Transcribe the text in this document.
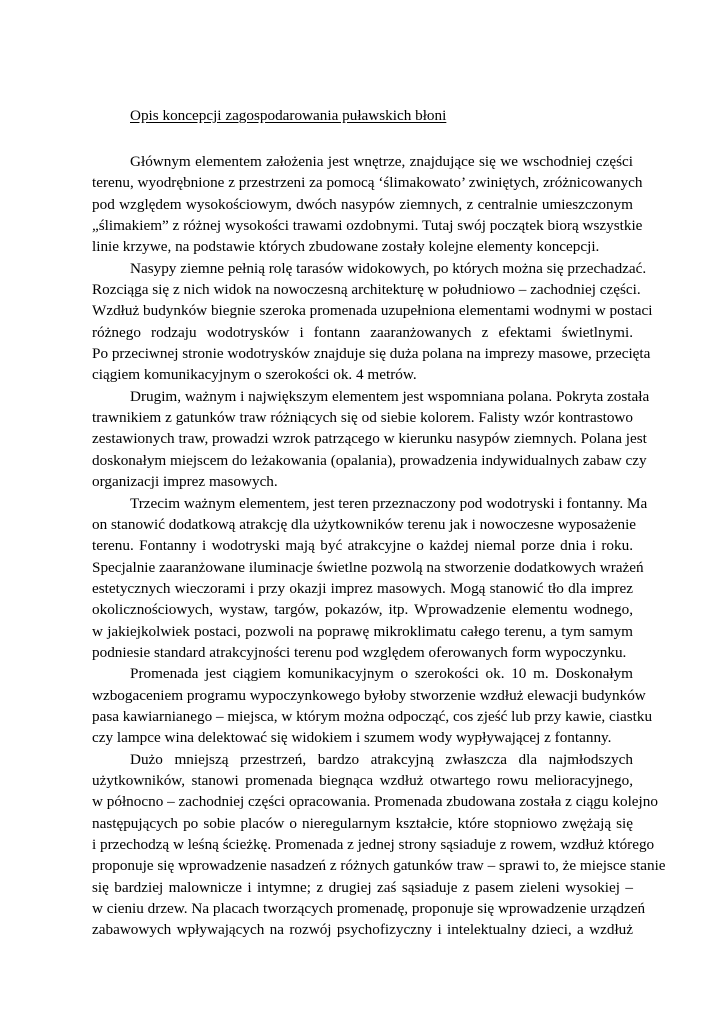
Opis koncepcji zagospodarowania puławskich błoni
Głównym elementem założenia jest wnętrze, znajdujące się we wschodniej części
terenu, wyodrębnione z przestrzeni za pomocą ‘ślimakowato’ zwiniętych, zróżnicowanych
pod względem wysokościowym, dwóch nasypów ziemnych, z centralnie umieszczonym
„ślimakiem” z różnej wysokości trawami ozdobnymi. Tutaj swój początek biorą wszystkie
linie krzywe, na podstawie których zbudowane zostały kolejne elementy koncepcji.
Nasypy ziemne pełnią rolę tarasów widokowych, po których można się przechadzać.
Rozciąga się z nich widok na nowoczesną architekturę w południowo – zachodniej części.
Wzdłuż budynków biegnie szeroka promenada uzupełniona elementami wodnymi w postaci
różnego rodzaju wodotrysków i fontann zaaranżowanych z efektami świetlnymi.
Po przeciwnej stronie wodotrysków znajduje się duża polana na imprezy masowe, przecięta
ciągiem komunikacyjnym o szerokości ok. 4 metrów.
Drugim, ważnym i największym elementem jest wspomniana polana. Pokryta została
trawnikiem z gatunków traw różniących się od siebie kolorem. Falisty wzór kontrastowo
zestawionych traw, prowadzi wzrok patrzącego w kierunku nasypów ziemnych. Polana jest
doskonałym miejscem do leżakowania (opalania), prowadzenia indywidualnych zabaw czy
organizacji imprez masowych.
Trzecim ważnym elementem, jest teren przeznaczony pod wodotryski i fontanny. Ma
on stanowić dodatkową atrakcję dla użytkowników terenu jak i nowoczesne wyposażenie
terenu. Fontanny i wodotryski mają być atrakcyjne o każdej niemal porze dnia i roku.
Specjalnie zaaranżowane iluminacje świetlne pozwolą na stworzenie dodatkowych wrażeń
estetycznych wieczorami i przy okazji imprez masowych. Mogą stanowić tło dla imprez
okolicznościowych, wystaw, targów, pokazów, itp. Wprowadzenie elementu wodnego,
w jakiejkolwiek postaci, pozwoli na poprawę mikroklimatu całego terenu, a tym samym
podniesie standard atrakcyjności terenu pod względem oferowanych form wypoczynku.
Promenada jest ciągiem komunikacyjnym o szerokości ok. 10 m. Doskonałym
wzbogaceniem programu wypoczynkowego byłoby stworzenie wzdłuż elewacji budynków
pasa kawiarnianego – miejsca, w którym można odpocząć, cos zjeść lub przy kawie, ciastku
czy lampce wina delektować się widokiem i szumem wody wypływającej z fontanny.
Dużo mniejszą przestrzeń, bardzo atrakcyjną zwłaszcza dla najmłodszych
użytkowników, stanowi promenada biegnąca wzdłuż otwartego rowu melioracyjnego,
w północno – zachodniej części opracowania. Promenada zbudowana została z ciągu kolejno
następujących po sobie placów o nieregularnym kształcie, które stopniowo zwężają się
i przechodzą w leśną ścieżkę. Promenada z jednej strony sąsiaduje z rowem, wzdłuż którego
proponuje się wprowadzenie nasadzeń z różnych gatunków traw – sprawi to, że miejsce stanie
się bardziej malownicze i intymne; z drugiej zaś sąsiaduje z pasem zieleni wysokiej –
w cieniu drzew. Na placach tworzących promenadę, proponuje się wprowadzenie urządzeń
zabawowych wpływających na rozwój psychofizyczny i intelektualny dzieci, a wzdłuż
